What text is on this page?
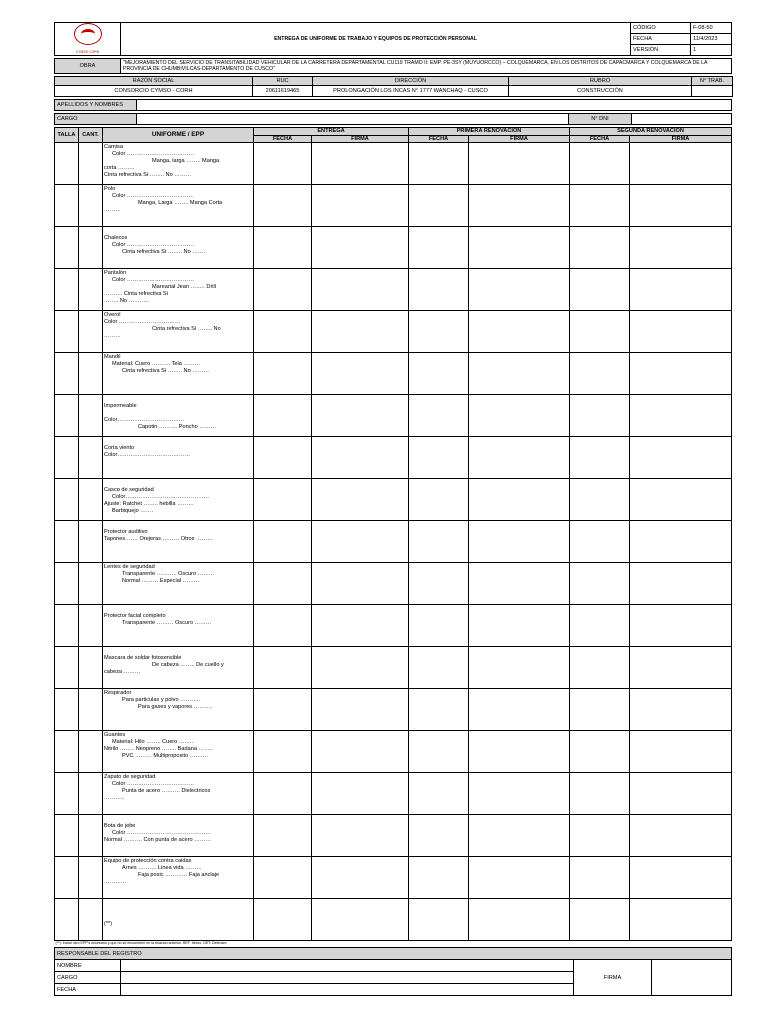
CYMSO CORH	ENTREGA DE UNIFORME DE TRABAJO Y EQUIPOS DE PROTECCIÓN PERSONAL	CÓDIGO	F-08-50
		FECHA	11/4/2023
		VERSIÓN	1
OBRA	"MEJORAMIENTO DEL SERVICIO DE TRANSITABILIDAD VEHICULAR DE LA CARRETERA DEPARTAMENTAL CU119 TRAMO II: EMP. PE-3SY (MUYUORCCO) – COLQUEMARCA, EN LOS DISTRITOS DE CAPACMARCA Y COLQUEMARCA DE LA PROVINCIA DE CHUMBIVILCAS-DEPARTAMENTO DE CUSCO"
RAZÓN SOCIAL	RUC	DIRECCIÓN	RUBRO	N° TRAB.
CONSORCIO CYMSO - CORH	20611619465	PROLONGACIÓN LOS INCAS N° 1777 WANCHAQ - CUSCO	CONSTRUCCIÓN	
APELLIDOS Y NOMBRES	
CARGO		N° DNI	
TALLA	CANT.	UNIFORME / EPP	ENTREGA		PRIMERA RENOVACIÓN		SEGUNDA RENOVACIÓN	
			FECHA	FIRMA	FECHA	FIRMA	FECHA	FIRMA

		Camisa
Color ………………………………
Manga, larga …….. Manga
corta ………
Cinta refrectiva Si …….. No ………						

		Polo
Color ………………………………
Manga, Larga …….. Manga Corta
………						

		Chalecos
Color ………………………………
Cinta refrectiva Si …….. No …….						

		Pantalón
Color ………………………………
Marearial Jean …….. Drill
………. Cinta refrectiva Si
…….. No ………..						

		Overol
Color ……………………………
Cinta refrectiva Si …….. No
………						

		Mandil
Material: Cuero ………. Tela ………
Cinta refrectiva Si …….. No ………						

		Impermeable

Color………………………………
Capotin ………. Poncho ………						

		Corta viento
Color…………………………………						

		Casco de seguridad
Color………………………………………
Ajuste: Ratchet …….. hebilla ………
Barbiquejo …….						

		Protector auditivo
Tapones …… Orejeras ……… Otros ………						

		Lentes de seguridad
Transparente ……….. Oscuro ………
Normal ……… Especial ………						

		Protector facial completo
Transparente ……… Oscuro ………						

		Mascara de soldar fotosensible
De cabeza …….. De cuello y
cabeza ………						

		Respirador
Para particulas y polvo ………..
Para gases y vapores ……….						

		Guantes
Material: Hilo …….. Cuero ……..
Nitrilo …….. Neopreno …….. Badana ……..
PVC ……… Multiproposito ……….						

		Zapato de seguridad
Color ………………………………
Punta de acero ………. Dielectricos
………..						

		Bota de jebe
Color ………………………………………
Normal ………. Con punta de acero ………						

		Equipo de protección contra caidas
Arnes ………. Linea vida ………
Faja posic ………… Faja anclaje
…………						

		(**)						

(**): Incluir otro EPP's necesario y que no se encuentren en la relación anterior. REF: Nnleo, DET: Detenarx								
RESPONSABLE DEL REGISTRO			
NOMBRE		FIRMA	
CARGO			
FECHA			
